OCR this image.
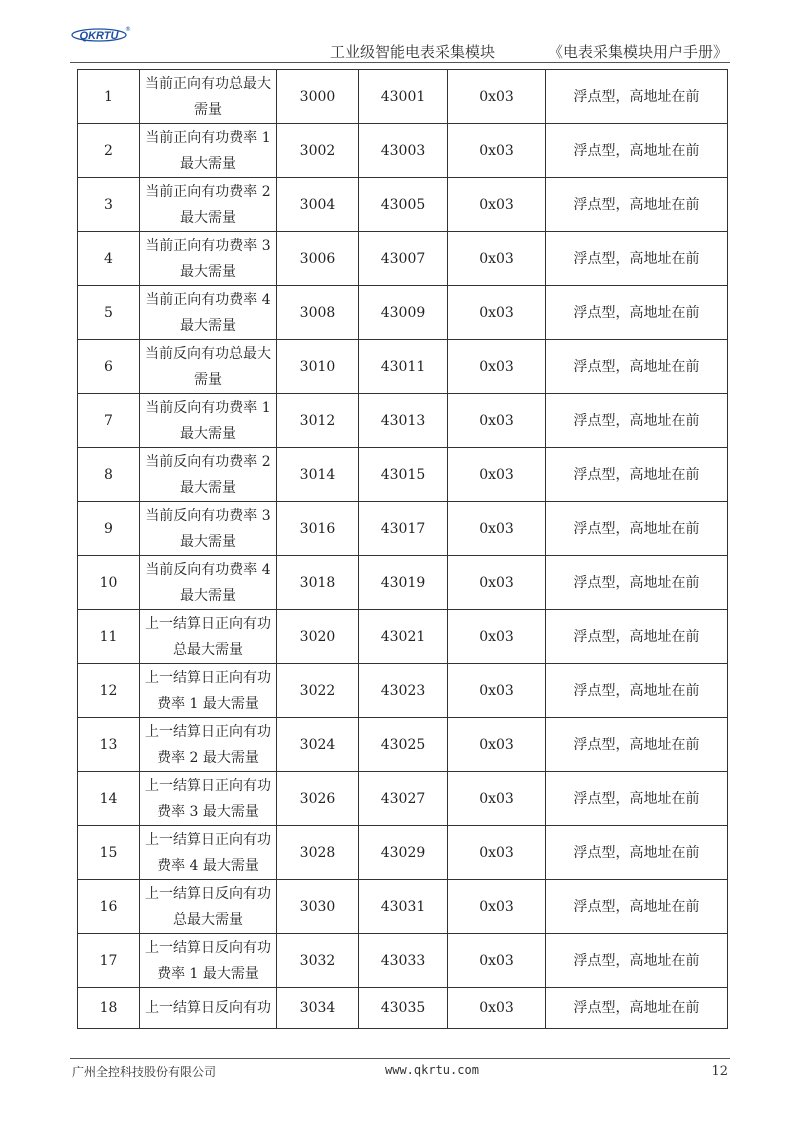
QKRTU
®
工业级智能电表采集模块	《电表采集模块用户手册》
1	当前正向有功总最大需量	3000	43001	0x03	浮点型，高地址在前
2	当前正向有功费率 1 最大需量	3002	43003	0x03	浮点型，高地址在前
3	当前正向有功费率 2 最大需量	3004	43005	0x03	浮点型，高地址在前
4	当前正向有功费率 3 最大需量	3006	43007	0x03	浮点型，高地址在前
5	当前正向有功费率 4 最大需量	3008	43009	0x03	浮点型，高地址在前
6	当前反向有功总最大需量	3010	43011	0x03	浮点型，高地址在前
7	当前反向有功费率 1 最大需量	3012	43013	0x03	浮点型，高地址在前
8	当前反向有功费率 2 最大需量	3014	43015	0x03	浮点型，高地址在前
9	当前反向有功费率 3 最大需量	3016	43017	0x03	浮点型，高地址在前
10	当前反向有功费率 4 最大需量	3018	43019	0x03	浮点型，高地址在前
11	上一结算日正向有功总最大需量	3020	43021	0x03	浮点型，高地址在前
12	上一结算日正向有功费率 1 最大需量	3022	43023	0x03	浮点型，高地址在前
13	上一结算日正向有功费率 2 最大需量	3024	43025	0x03	浮点型，高地址在前
14	上一结算日正向有功费率 3 最大需量	3026	43027	0x03	浮点型，高地址在前
15	上一结算日正向有功费率 4 最大需量	3028	43029	0x03	浮点型，高地址在前
16	上一结算日反向有功总最大需量	3030	43031	0x03	浮点型，高地址在前
17	上一结算日反向有功费率 1 最大需量	3032	43033	0x03	浮点型，高地址在前
18	上一结算日反向有功	3034	43035	0x03	浮点型，高地址在前
广州全控科技股份有限公司	www.qkrtu.com	12
